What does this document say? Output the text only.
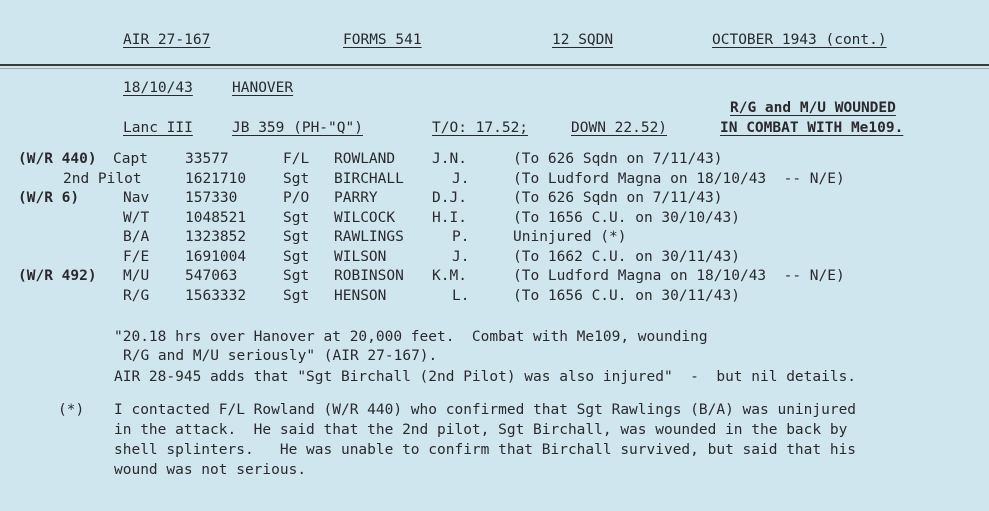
AIR 27-167	FORMS 541	12 SQDN	OCTOBER 1943 (cont.)
18/10/43	HANOVER
R/G and M/U WOUNDED
Lanc III	JB 359 (PH-"Q")	T/O: 17.52;	DOWN 22.52)	IN COMBAT WITH Me109.
(W/R 440) Capt	33577	F/L ROWLAND	J.N.	(To 626 Sqdn on 7/11/43)
2nd Pilot	1621710	Sgt BIRCHALL	J.	(To Ludford Magna on 18/10/43  -- N/E)
(W/R 6)	Nav 157330	P/O PARRY	D.J.	(To 626 Sqdn on 7/11/43)
W/T 1048521	Sgt WILCOCK	H.I.	(To 1656 C.U. on 30/10/43)
B/A 1323852	Sgt RAWLINGS	P.	Uninjured (*)
F/E 1691004	Sgt WILSON	J.	(To 1662 C.U. on 30/11/43)
(W/R 492) M/U 547063	Sgt ROBINSON K.M.	(To Ludford Magna on 18/10/43  -- N/E)
R/G 1563332	Sgt HENSON	L.	(To 1656 C.U. on 30/11/43)
"20.18 hrs over Hanover at 20,000 feet.  Combat with Me109, wounding
R/G and M/U seriously" (AIR 27-167).
AIR 28-945 adds that "Sgt Birchall (2nd Pilot) was also injured"  -  but nil details.
(*) I contacted F/L Rowland (W/R 440) who confirmed that Sgt Rawlings (B/A) was uninjured
in the attack.  He said that the 2nd pilot, Sgt Birchall, was wounded in the back by
shell splinters.   He was unable to confirm that Birchall survived, but said that his
wound was not serious.
